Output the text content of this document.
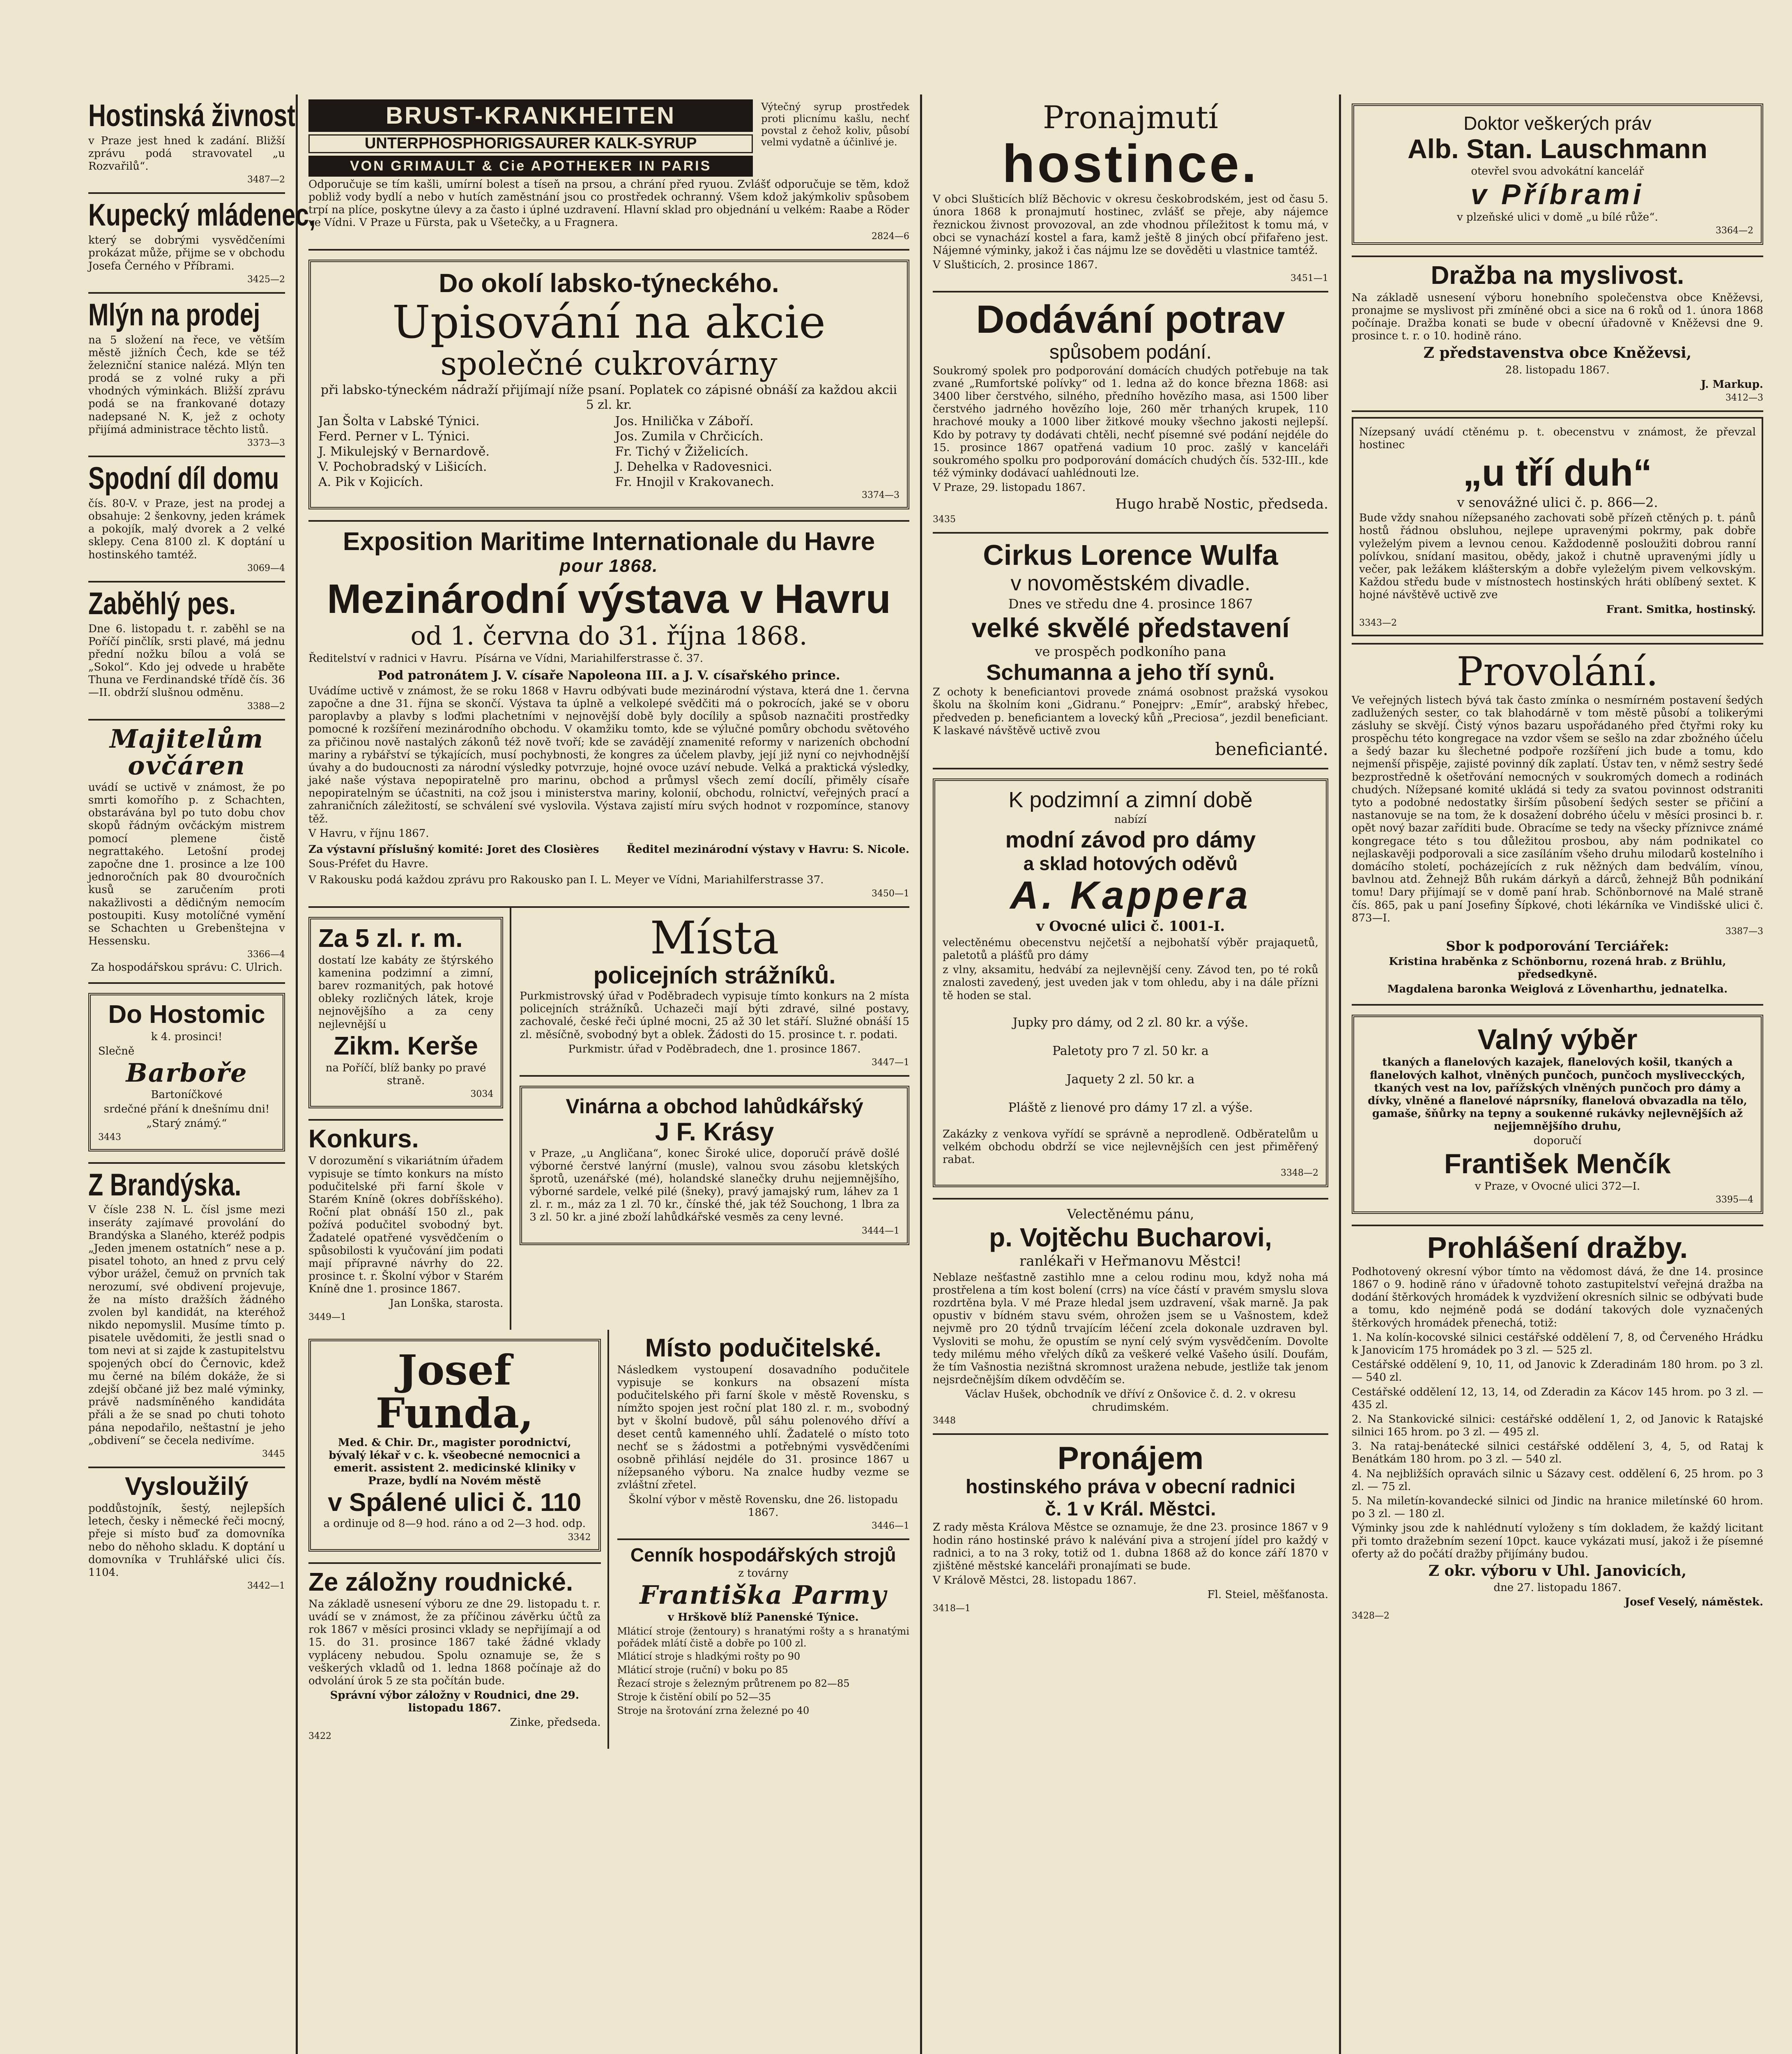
Hostinská živnost

v Praze jest hned k zadání. Bližší zprávu podá stravovatel „u Rozvařilů“.

3487—2

Kupecký mládenec,

který se dobrými vysvědčeními prokázat může, přijme se v obchodu Josefa Černého v Příbrami.

3425—2

Mlýn na prodej

na 5 složení na řece, ve větším městě jižních Čech, kde se též železniční stanice nalézá. Mlýn ten prodá se z volné ruky a při vhodných výminkách. Bližší zprávu podá se na frankované dotazy nadepsané N. K, jež z ochoty přijímá administrace těchto listů.

3373—3

Spodní díl domu

čís. 80-V. v Praze, jest na prodej a obsahuje: 2 šenkovny, jeden krámek a pokojík, malý dvorek a 2 velké sklepy. Cena 8100 zl. K doptání u hostinského tamtéž.

3069—4

Zaběhlý pes.

Dne 6. listopadu t. r. zaběhl se na Poříčí pinčlík, srsti plavé, má jednu přední nožku bílou a volá se „Sokol“. Kdo jej odvede u hraběte Thuna ve Ferdinandské třídě čís. 36—II. obdrží slušnou odměnu.

3388—2

Majitelům ovčáren

uvádí se uctivě v známost, že po smrti komořího p. z Schachten, obstarávána byl po tuto dobu chov skopů řádným ovčáckým mistrem pomocí plemene čistě negrattakého. Letošní prodej započne dne 1. prosince a lze 100 jednoročních pak 80 dvouročních kusů se zaručením proti nakažlivosti a dědičným nemocím postoupiti. Kusy motolíčné vymění se Schachten u Grebenštejna v Hessensku.

3366—4

Za hospodářskou správu: C. Ulrich.

Do Hostomic

k 4. prosinci!

Slečně

Barboře

Bartoníčkové

srdečné přání k dnešnímu dni!

„Starý známý.“

3443

Z Brandýska.

V čísle 238 N. L. čísl jsme mezi inseráty zajímavé provolání do Brandýska a Slaného, kteréž podpis „Jeden jmenem ostatních“ nese a p. pisatel tohoto, an hned z prvu celý výbor urážel, čemuž on prvních tak nerozumí, své obdivení projevuje, že na místo dražších žádného zvolen byl kandidát, na kteréhož nikdo nepomyslil. Musíme tímto p. pisatele uvědomiti, že jestli snad o tom nevi at si zajde k zastupitelstvu spojených obcí do Černovic, kdež mu černé na bílém dokáže, že si zdejší občané již bez malé výminky, právě nadsmíněného kandidáta přáli a že se snad po chuti tohoto pána nepodařilo, neštastní je jeho „obdivení“ se čecela nedivíme.

3445

Vysloužilý

poddůstojník, šestý, nejlepších letech, česky i německé řeči mocný, přeje si místo buď za domovníka nebo do něhoho skladu. K doptání u domovníka v Truhlářské ulici čís. 1104.

3442—1

BRUST-KRANKHEITEN
UNTERPHOSPHORIGSAURER KALK-SYRUP
VON GRIMAULT & Cie APOTHEKER IN PARIS

Výtečný syrup prostředek proti plicnímu kašlu, nechť povstal z čehož koliv, působí velmi vydatně a účinlivé je.

Odporučuje se tím kašli, umírní bolest a tíseň na prsou, a chrání před ryuou. Zvlášť odporučuje se těm, kdož pobliž vody bydlí a nebo v hutích zaměstnání jsou co prostředek ochranný. Všem kdož jakýmkoliv spůsobem trpí na plíce, poskytne úlevy a za často i úplné uzdravení. Hlavní sklad pro objednání u velkém: Raabe a Röder ve Vídni. V Praze u Fürsta, pak u Všetečky, a u Fragnera.

2824—6

Do okolí labsko-týneckého.
Upisování na akcie
společné cukrovárny

při labsko-týneckém nádraží přijímají níže psaní. Poplatek co zápisné obnáší za každou akcii 5 zl. kr.

Jan Šolta v Labské Týnici.	Jos. Hnilička v Záboří.
Ferd. Perner v L. Týnici.	Jos. Zumila v Chrčicích.
J. Mikulejský v Bernardově.	Fr. Tichý v Žiželicích.
V. Pochobradský v Lišicích.	J. Dehelka v Radovesnici.
A. Pik v Kojicích.	Fr. Hnojil v Krakovanech.

3374—3

Exposition Maritime Internationale du Havre
pour 1868.
Mezinárodní výstava v Havru
od 1. června do 31. října 1868.

Ředitelství v radnici v Havru. Písárna ve Vídni, Mariahilferstrasse č. 37.

Pod patronátem J. V. císaře Napoleona III. a J. V. císařského prince.

Uvádíme uctivě v známost, že se roku 1868 v Havru odbývati bude mezinárodní výstava, která dne 1. června započne a dne 31. října se skončí. Výstava ta úplně a velkolepé svědčiti má o pokrocích, jaké se v oboru paroplavby a plavby s loďmi plachetními v nejnovější době byly docílily a spůsob naznačiti prostředky pomocné k rozšíření mezinárodního obchodu. V okamžiku tomto, kde se výlučné pomůry obchodu světového za přičinou nově nastalých zákonů též nově tvoří; kde se zavádějí znamenité reformy v narizeních obchodní mariny a rybářství se týkajících, musí pochybnosti, že kongres za účelem plavby, její již nyní co nejvhodnější úvahy a do budoucnosti za národní výsledky potvrzuje, hojné ovoce uzáví nebude. Velká a praktická výsledky, jaké naše výstava nepopiratelně pro marinu, obchod a průmysl všech zemí docílí, přiměly císaře nepopiratelným se účastniti, na což jsou i ministerstva mariny, kolonií, obchodu, rolnictví, veřejných prací a zahraničních záležitostí, se schválení své vyslovila. Výstava zajistí míru svých hodnot v rozpomínce, stanovy těž.

V Havru, v říjnu 1867.

Za výstavní příslušný komité: Joret des Closières

Sous-Préfet du Havre.

Ředitel mezinárodní výstavy v Havru: S. Nicole.

V Rakousku podá každou zprávu pro Rakousko pan I. L. Meyer ve Vídni, Mariahilferstrasse 37.

3450—1

Za 5 zl. r. m.

dostatí lze kabáty ze štýrského kamenina podzimní a zimní, barev rozmanitých, pak hotové obleky rozličných látek, kroje nejnovějšího a za ceny nejlevnější u

Zikm. Kerše

na Poříčí, blíž banky po pravé straně.

3034

Konkurs.

V dorozumění s vikariátním úřadem vypisuje se tímto konkurs na místo podučitelské při farní škole v Starém Kníně (okres dobříšského). Roční plat obnáší 150 zl., pak požívá podučitel svobodný byt. Žadatelé opatřené vysvědčením o spůsobilosti k vyučování jim podati mají přípravné návrhy do 22. prosince t. r. Školní výbor v Starém Kníně dne 1. prosince 1867.

Jan Lonška, starosta.

3449—1

Místa
policejních strážníků.

Purkmistrovský úřad v Poděbradech vypisuje tímto konkurs na 2 místa policejních strážníků. Uchazeči mají býti zdravé, silné postavy, zachovalé, české řeči úplné mocni, 25 až 30 let stáří. Služné obnáší 15 zl. měsíčně, svobodný byt a oblek. Žádosti do 15. prosince t. r. podati.

Purkmistr. úřad v Poděbradech, dne 1. prosince 1867.

3447—1

Vinárna a obchod lahůdkářský
J F. Krásy

v Praze, „u Angličana“, konec Široké ulice, doporučí právě došlé výborné čerstvé lanýrní (musle), valnou svou zásobu kletských šprotů, uzenářské (mé), holandské slanečky druhu nejjemnějšího, výborné sardele, velké pilé (šneky), pravý jamajský rum, láhev za 1 zl. r. m., máz za 1 zl. 70 kr., čínské thé, jak též Souchong, 1 lbra za 3 zl. 50 kr. a jiné zboží lahůdkářské vesměs za ceny levné.

3444—1

Josef Funda,

Med. & Chir. Dr., magister porodnictví, bývalý lékař v c. k. všeobecné nemocnici a emerit. assistent 2. medicinské kliniky v Praze, bydlí na Novém městě

v Spálené ulici č. 110

a ordinuje od 8—9 hod. ráno a od 2—3 hod. odp.

3342

Ze záložny roudnické.

Na základě usnesení výboru ze dne 29. listopadu t. r. uvádí se v známost, že za příčinou závěrku účtů za rok 1867 v měsíci prosinci vklady se nepřijímají a od 15. do 31. prosince 1867 také žádné vklady vypláceny nebudou. Spolu oznamuje se, že s veškerých vkladů od 1. ledna 1868 počínaje až do odvolání úrok 5 ze sta počítán bude.

Správní výbor záložny v Roudnici, dne 29. listopadu 1867.

Zinke, předseda.

3422

Místo podučitelské.

Následkem vystoupení dosavadního podučitele vypisuje se konkurs na obsazení místa podučitelského při farní škole v městě Rovensku, s nímžto spojen jest roční plat 180 zl. r. m., svobodný byt v školní budově, půl sáhu polenového dříví a deset centů kamenného uhlí. Žadatelé o místo toto nechť se s žádostmi a potřebnými vysvědčeními osobně přihlásí nejdéle do 31. prosince 1867 u nížepsaného výboru. Na znalce hudby vezme se zvláštní zřetel.

Školní výbor v městě Rovensku, dne 26. listopadu 1867.

3446—1

Cenník hospodářských strojů

z továrny

Františka Parmy

v Hrškově blíž Panenské Týnice.

Mláticí stroje (žentoury) s hranatými rošty a s hranatými pořádek mlátí čistě a dobře po 100 zl.

Mláticí stroje s hladkými rošty po 90

Mláticí stroje (ruční) v boku po 85

Řezací stroje s železným průtrenem po 82—85

Stroje k čistění obilí po 52—35

Stroje na šrotování zrna železné po 40

Pronajmutí
hostince.

V obci Slušticích blíž Běchovic v okresu českobrodském, jest od času 5. února 1868 k pronajmutí hostinec, zvlášť se přeje, aby nájemce řeznickou živnost provozoval, an zde vhodnou příležitost k tomu má, v obci se vynachází kostel a fara, kamž ještě 8 jiných obcí přifařeno jest. Nájemné výminky, jakož i čas nájmu lze se dověděti u vlastnice tamtéž.

V Slušticích, 2. prosince 1867.

3451—1

Dodávání potrav
spůsobem podání.

Soukromý spolek pro podporování domácích chudých potřebuje na tak zvané „Rumfortské polívky“ od 1. ledna až do konce března 1868: asi 3400 liber čerstvého, silného, předního hovězího masa, asi 1500 liber čerstvého jadrného hovězího loje, 260 měr trhaných krupek, 110 hrachové mouky a 1000 liber žitkové mouky všechno jakosti nejlepší. Kdo by potravy ty dodávati chtěli, nechť písemné své podání nejdéle do 15. prosince 1867 opatřená vadium 10 proc. zašlý v kanceláři soukromého spolku pro podporování domácích chudých čís. 532-III., kde též výminky dodávací uahlédnouti lze.

V Praze, 29. listopadu 1867.

Hugo hrabě Nostic, předseda.

3435

Cirkus Lorence Wulfa
v novoměstském divadle.

Dnes ve středu dne 4. prosince 1867

velké skvělé představení

ve prospěch podkoního pana

Schumanna a jeho tří synů.

Z ochoty k beneficiantovi provede známá osobnost pražská vysokou školu na školním koni „Gidranu.“ Ponejprv: „Emír“, arabský hřebec, předveden p. beneficiantem a lovecký kůň „Preciosa“, jezdil beneficiant. K laskavé návštěvě uctivě zvou

beneficianté.

K podzimní a zimní době

nabízí

modní závod pro dámy
a sklad hotových oděvů
A. Kappera

v Ovocné ulici č. 1001-I.

velectěnému obecenstvu nejčetší a nejbohatší výběr prajaquetů, paletotů a plášťů pro dámy

z vlny, aksamitu, hedvábí za nejlevnější ceny. Závod ten, po té roků znalosti zavedený, jest uveden jak v tom ohledu, aby i na dále přízni tě hoden se stal.

Jupky pro dámy, od 2 zl. 80 kr. a výše.

Paletoty pro 7 zl. 50 kr. a

Jaquety 2 zl. 50 kr. a

Pláště z lienové pro dámy 17 zl. a výše.

Zakázky z venkova vyřídí se správně a neprodleně. Odběratelům u velkém obchodu obdrží se vice nejlevnějších cen jest přiměřený rabat.

3348—2

Velectěnému pánu,

p. Vojtěchu Bucharovi,

ranlékaři v Heřmanovu Městci!

Neblaze nešťastně zastihlo mne a celou rodinu mou, když noha má prostřelena a tím kost bolení (crrs) na více částí v pravém smyslu slova rozdrtěna byla. V mé Praze hledal jsem uzdravení, však marně. Ja pak opustiv v bídném stavu svém, ohrožen jsem se u Vašnostem, kdež nejvmě pro 20 týdnů trvajícím léčení zcela dokonale uzdraven byl. Vysloviti se mohu, že opustím se nyní celý svým vysvědčením. Dovolte tedy milému mého vřelých díků za veškeré velké Vašeho úsilí. Doufám, že tím Vašnostia nezištná skromnost uražena nebude, jestliže tak jenom nejsrdečnějším díkem odvděčím se.

Václav Hušek, obchodník ve dříví z Onšovice č. d. 2. v okresu chrudimském.

3448

Pronájem
hostinského práva v obecní radnici
č. 1 v Král. Městci.

Z rady města Králova Městce se oznamuje, že dne 23. prosince 1867 v 9 hodin ráno hostinské právo k nalévání piva a strojení jídel pro každý v radnici, a to na 3 roky, totiž od 1. dubna 1868 až do konce září 1870 v zjištěné městské kanceláři pronajímati se bude.

V Králově Městci, 28. listopadu 1867.

Fl. Steiel, měšťanosta.

3418—1

Doktor veškerých práv
Alb. Stan. Lauschmann

otevřel svou advokátní kancelář

v Příbrami

v plzeňské ulici v domě „u bílé růže“.

3364—2

Dražba na myslivost.

Na základě usnesení výboru honebního společenstva obce Kněževsi, pronajme se myslivost při zmíněné obci a sice na 6 roků od 1. února 1868 počínaje. Dražba konati se bude v obecní úřadovně v Kněževsi dne 9. prosince t. r. o 10. hodině ráno.

Z představenstva obce Kněževsi,

28. listopadu 1867.

J. Markup.

3412—3

Nízepsaný uvádí ctěnému p. t. obecenstvu v známost, že převzal hostinec

„u tří duh“

v senovážné ulici č. p. 866—2.

Bude vždy snahou nížepsaného zachovati sobě přízeň ctěných p. t. pánů hostů řádnou obsluhou, nejlepe upravenými pokrmy, pak dobře vyleželým pivem a levnou cenou. Každodenně posloužiti dobrou ranní polívkou, snídaní masitou, obědy, jakož i chutně upravenými jídly u večer, pak ležákem klášterským a dobře vyleželým pivem velkovským. Každou středu bude v místnostech hostinských hráti oblíbený sextet. K hojné návštěvě uctivě zve

Frant. Smitka, hostinský.

3343—2

Provolání.

Ve veřejných listech bývá tak často zmínka o nesmírném postavení šedých zadlužených sester, co tak blahodárně v tom městě působí a tolikerými zásluhy se skvějí. Čistý výnos bazaru uspořádaného před čtyřmi roky ku prospěchu této kongregace na vzdor všem se sešlo na zdar zbožného účelu a šedý bazar ku šlechetné podpoře rozšíření jich bude a tomu, kdo nejmenší přispěje, zajisté povinný dík zaplatí. Ústav ten, v němž sestry šedé bezprostředně k ošetřování nemocných v soukromých domech a rodinách chudých. Nížepsané komité ukládá si tedy za svatou povinnost odstraniti tyto a podobné nedostatky širším působení šedých sester se přičiní a nastanovuje se na tom, že k dosažení dobrého účelu v měsíci prosinci b. r. opět nový bazar zaříditi bude. Obracíme se tedy na všecky příznivce známé kongregace této s tou důležitou prosbou, aby nám podnikatel co nejlaskavěji podporovali a sice zasíláním všeho druhu milodarů kostelního i domácího století, pocházejících z ruk něžných dam bedválím, vínou, bavlnou atd. Žehnejž Bůh rukám dárkyň a dárců, žehnejž Bůh podnikání tomu! Dary přijímají se v domě paní hrab. Schönbornové na Malé straně čís. 865, pak u paní Josefiny Šípkové, choti lékárníka ve Vindišské ulici č. 873—I.

3387—3

Sbor k podporování Terciářek:

Kristina hraběnka z Schönbornu, rozená hrab. z Brühlu, předsedkyně.

Magdalena baronka Weiglová z Lövenharthu, jednatelka.

Valný výběr

tkaných a flanelových kazajek, flanelových košil, tkaných a flanelových kalhot, vlněných punčoch, punčoch myslivecckých, tkaných vest na lov, pařížských vlněných punčoch pro dámy a dívky, vlněné a flanelové náprsníky, flanelová obvazadla na tělo, gamaše, šňůrky na tepny a soukenné rukávky nejlevnějších až nejjemnějšího druhu,

doporučí

František Menčík

v Praze, v Ovocné ulici 372—I.

3395—4

Prohlášení dražby.

Podhotovený okresní výbor tímto na vědomost dává, že dne 14. prosince 1867 o 9. hodině ráno v úřadovně tohoto zastupitelství veřejná dražba na dodání štěrkových hromádek k vyzdvižení okresních silnic se odbývati bude a tomu, kdo nejméně podá se dodání takových dole vyznačených štěrkových hromádek přenechá, totiž:

1. Na kolín-kocovské silnici cestářské oddělení 7, 8, od Červeného Hrádku k Janovicím 175 hromádek po 3 zl. — 525 zl.

Cestářské oddělení 9, 10, 11, od Janovic k Zderadinám 180 hrom. po 3 zl. — 540 zl.

Cestářské oddělení 12, 13, 14, od Zderadin za Kácov 145 hrom. po 3 zl. — 435 zl.

2. Na Stankovické silnici: cestářské oddělení 1, 2, od Janovic k Ratajské silnici 165 hrom. po 3 zl. — 495 zl.

3. Na rataj-benátecké silnici cestářské oddělení 3, 4, 5, od Rataj k Benátkám 180 hrom. po 3 zl. — 540 zl.

4. Na nejbližších opravách silnic u Sázavy cest. oddělení 6, 25 hrom. po 3 zl. — 75 zl.

5. Na miletín-kovandecké silnici od Jindic na hranice miletínské 60 hrom. po 3 zl. — 180 zl.

Výminky jsou zde k nahlédnutí vyloženy s tím dokladem, že každý licitant při tomto dražebním sezení 10pct. kauce vykázati musí, jakož i že písemné oferty až do počátí dražby přijímány budou.

Z okr. výboru v Uhl. Janovicích,

dne 27. listopadu 1867.

Josef Veselý, náměstek.

3428—2
